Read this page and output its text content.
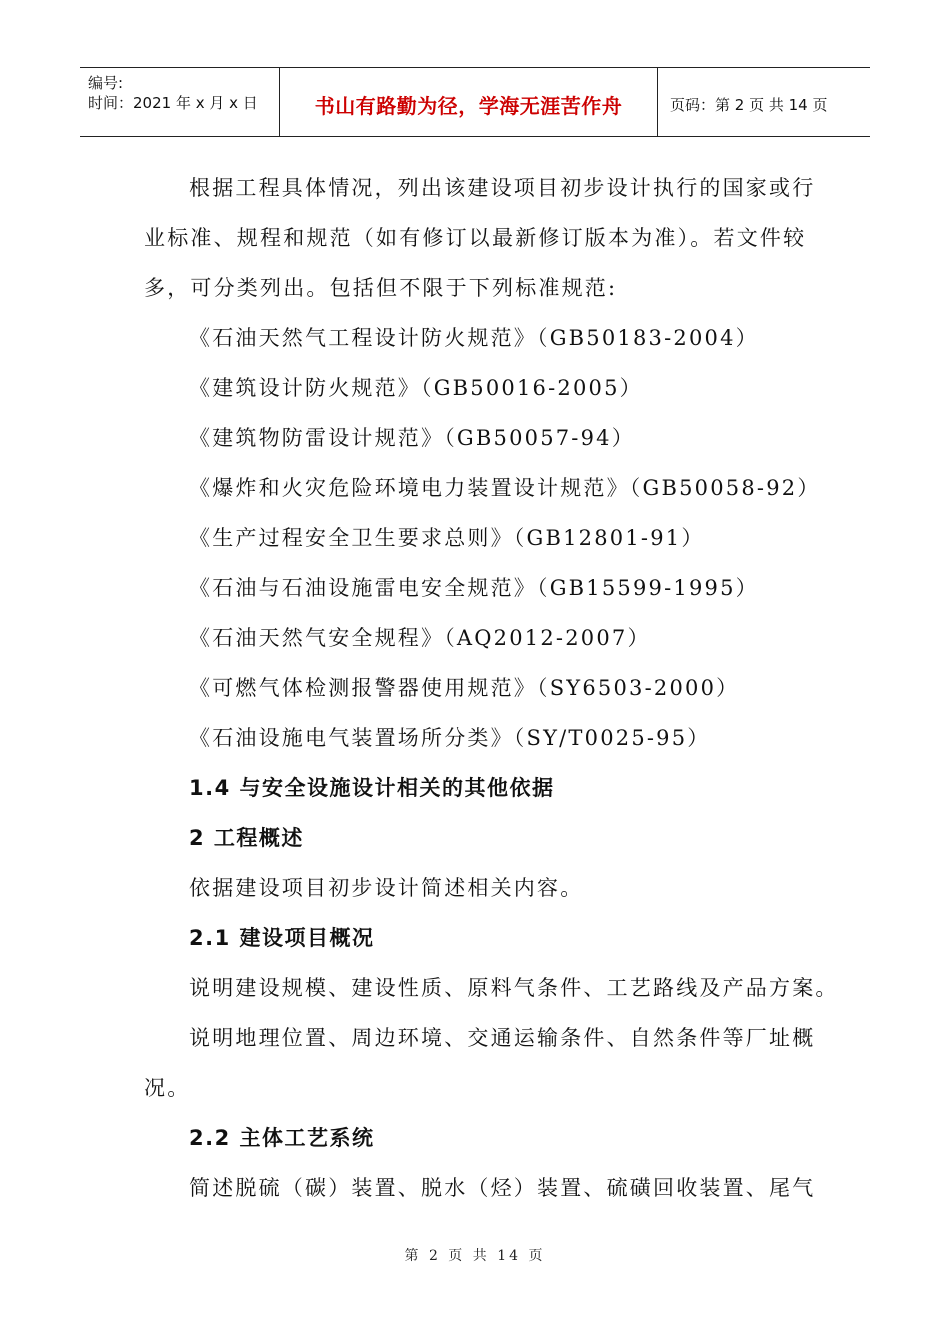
编号:
时间：2021 年 x 月 x 日	书山有路勤为径，学海无涯苦作舟	页码：第 2 页 共 14 页
根据工程具体情况，列出该建设项目初步设计执行的国家或行
业标准、规程和规范（如有修订以最新修订版本为准）。若文件较
多，可分类列出。包括但不限于下列标准规范:
《石油天然气工程设计防火规范》（GB50183-2004）
《建筑设计防火规范》（GB50016-2005）
《建筑物防雷设计规范》（GB50057-94）
《爆炸和火灾危险环境电力装置设计规范》（GB50058-92）
《生产过程安全卫生要求总则》（GB12801-91）
《石油与石油设施雷电安全规范》（GB15599-1995）
《石油天然气安全规程》（AQ2012-2007）
《可燃气体检测报警器使用规范》（SY6503-2000）
《石油设施电气装置场所分类》（SY/T0025-95）
1.4 与安全设施设计相关的其他依据
2 工程概述
依据建设项目初步设计简述相关内容。
2.1 建设项目概况
说明建设规模、建设性质、原料气条件、工艺路线及产品方案。
说明地理位置、周边环境、交通运输条件、自然条件等厂址概
况。
2.2 主体工艺系统
简述脱硫（碳）装置、脱水（烃）装置、硫磺回收装置、尾气
第 2 页 共 14 页
